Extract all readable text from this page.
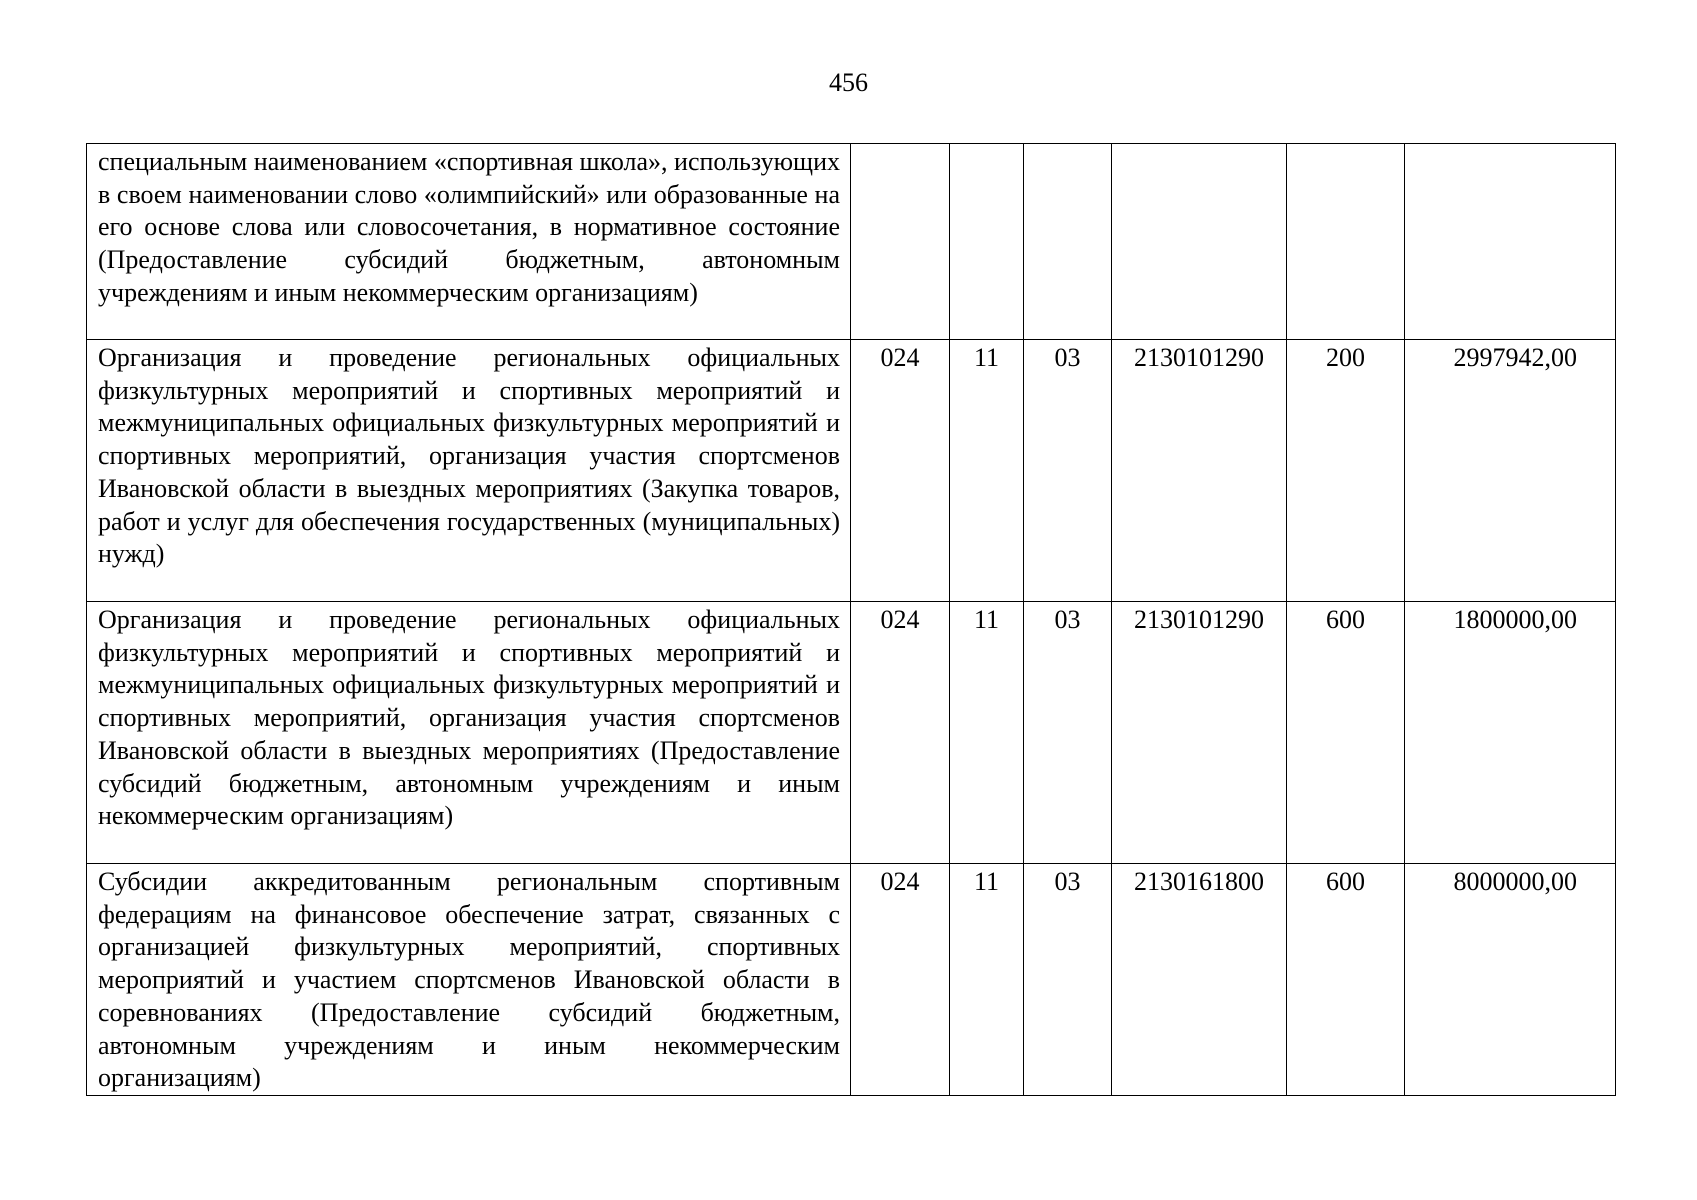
456
специальным наименованием «спортивная школа», использующих в своем наименовании слово «олимпийский» или образованные на его основе слова или словосочетания, в нормативное состояние (Предоставление субсидий бюджетным, автономным учреждениям и иным некоммерческим организациям)						
Организация и проведение региональных официальных физкультурных мероприятий и спортивных мероприятий и межмуниципальных официальных физкультурных мероприятий и спортивных мероприятий, организация участия спортсменов Ивановской области в выездных мероприятиях (Закупка товаров, работ и услуг для обеспечения государственных (муниципальных) нужд)	024	11	03	2130101290	200	2997942,00
Организация и проведение региональных официальных физкультурных мероприятий и спортивных мероприятий и межмуниципальных официальных физкультурных мероприятий и спортивных мероприятий, организация участия спортсменов Ивановской области в выездных мероприятиях (Предоставление субсидий бюджетным, автономным учреждениям и иным некоммерческим организациям)	024	11	03	2130101290	600	1800000,00
Субсидии аккредитованным региональным спортивным федерациям на финансовое обеспечение затрат, связанных с организацией физкультурных мероприятий, спортивных мероприятий и участием спортсменов Ивановской области в соревнованиях (Предоставление субсидий бюджетным, автономным учреждениям и иным некоммерческим организациям)	024	11	03	2130161800	600	8000000,00
